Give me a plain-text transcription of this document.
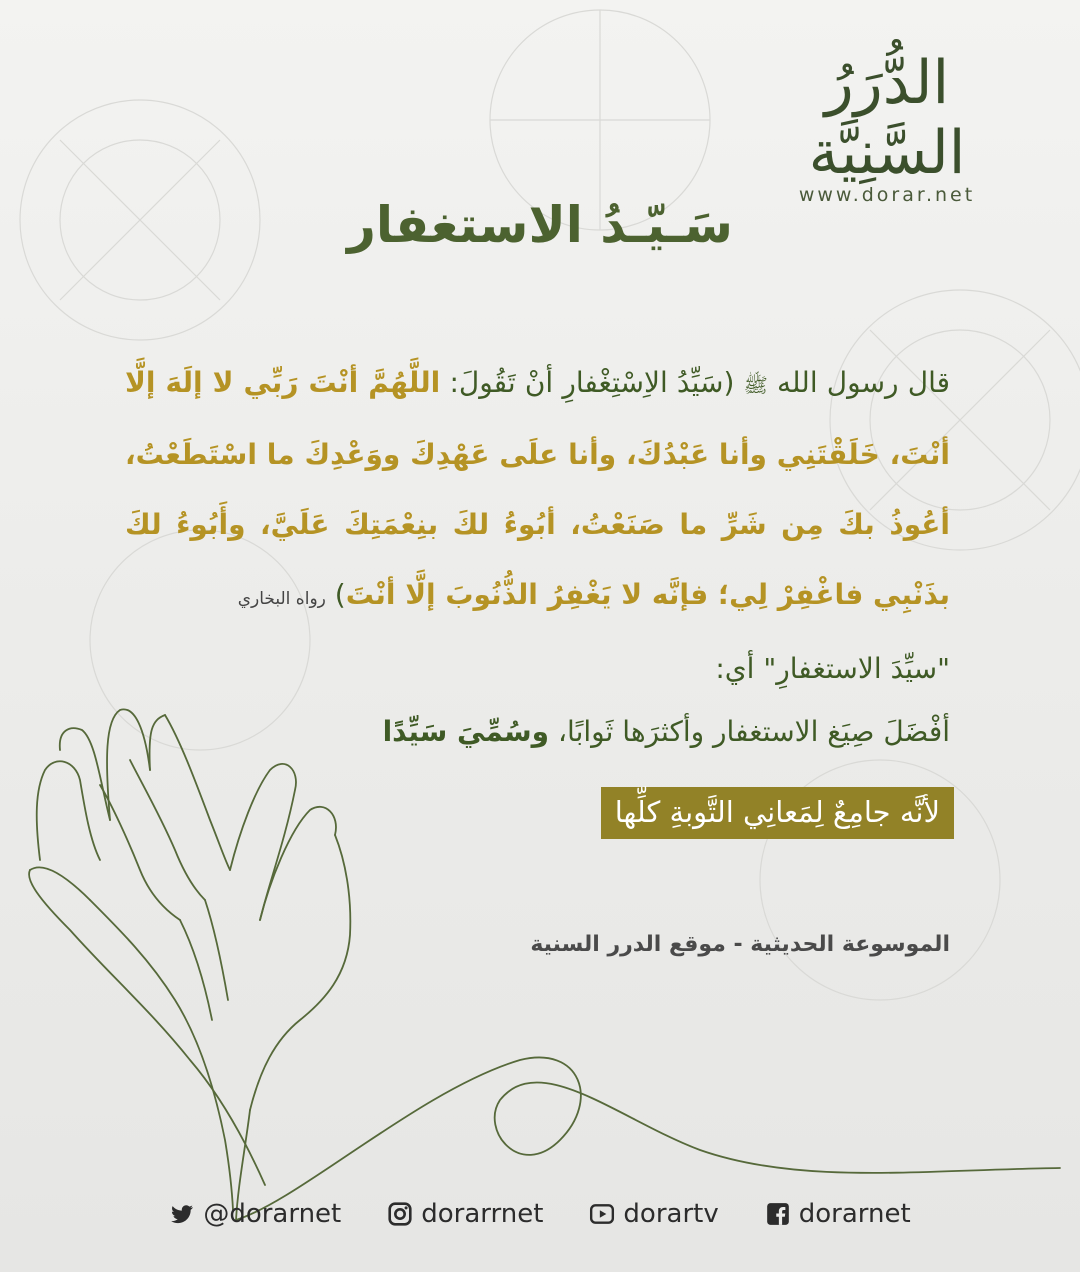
الدُّرَرُ السَّنِيَّة
www.dorar.net
سَـيّـدُ الاستغفار
قال رسول الله ﷺ (سَيِّدُ الاِسْتِغْفارِ أنْ تَقُولَ: اللَّهُمَّ أنْتَ رَبِّي لا إلَهَ إلَّا أنْتَ، خَلَقْتَنِي وأنا عَبْدُكَ، وأنا علَى عَهْدِكَ ووَعْدِكَ ما اسْتَطَعْتُ، أعُوذُ بكَ مِن شَرِّ ما صَنَعْتُ، أبُوءُ لكَ بنِعْمَتِكَ عَلَيَّ، وأَبُوءُ لكَ بذَنْبِي فاغْفِرْ لِي؛ فإنَّه لا يَغْفِرُ الذُّنُوبَ إلَّا أنْتَ) رواه البخاري
"سيِّدَ الاستغفارِ" أي:
أفْضَلَ صِيَغ الاستغفار وأكثرَها ثَوابًا، وسُمِّيَ سَيِّدًا
لأنَّه جامِعٌ لِمَعانِي التَّوبةِ كلِّها
الموسوعة الحديثية - موقع الدرر السنية
@dorarnet	dorarrnet	dorartv	dorarnet
